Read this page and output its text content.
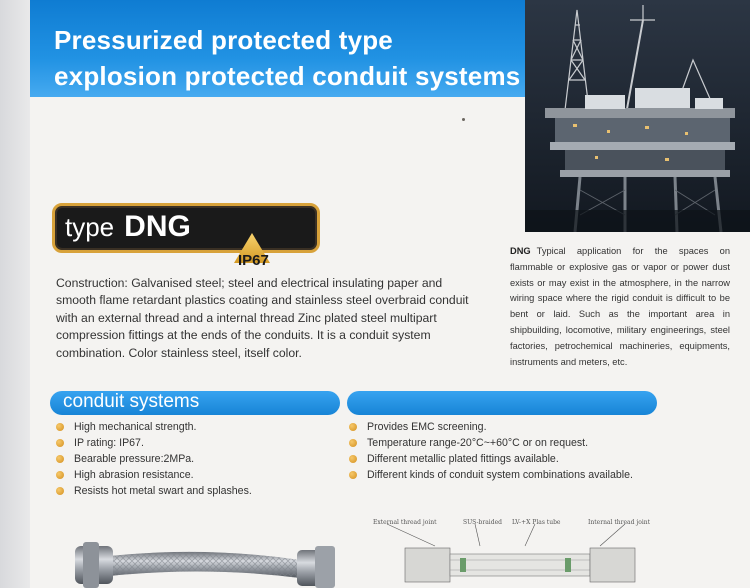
Pressurized protected type
explosion protected conduit systems
type DNG
IP67

Construction: Galvanised steel; steel and electrical insulating paper and smooth flame retardant plastics coating and stainless steel overbraid conduit with an external thread and a internal thread Zinc plated steel multipart compression fittings at the ends of the conduits. It is a conduit system combination. Color stainless steel, itself color.

DNG Typical application for the spaces on flammable or explosive gas or vapor or power dust exists or may exist in the atmosphere, in the narrow wiring space where the rigid conduit is difficult to be bent or laid. Such as the important area in shipbuilding, locomotive, military engineerings, steel factories, petrochemical machineries, equipments, instruments and meters, etc.

conduit systems
High mechanical strength.
IP rating: IP67.
Bearable pressure:2MPa.
High abrasion resistance.
Resists hot metal swart and splashes.
Provides EMC screening.
Temperature range-20°C~+60°C or on request.
Different metallic plated fittings available.
Different kinds of conduit system combinations available.
External thread joint	SUS-braided LV-+X Plas tube	Internal thread joint
